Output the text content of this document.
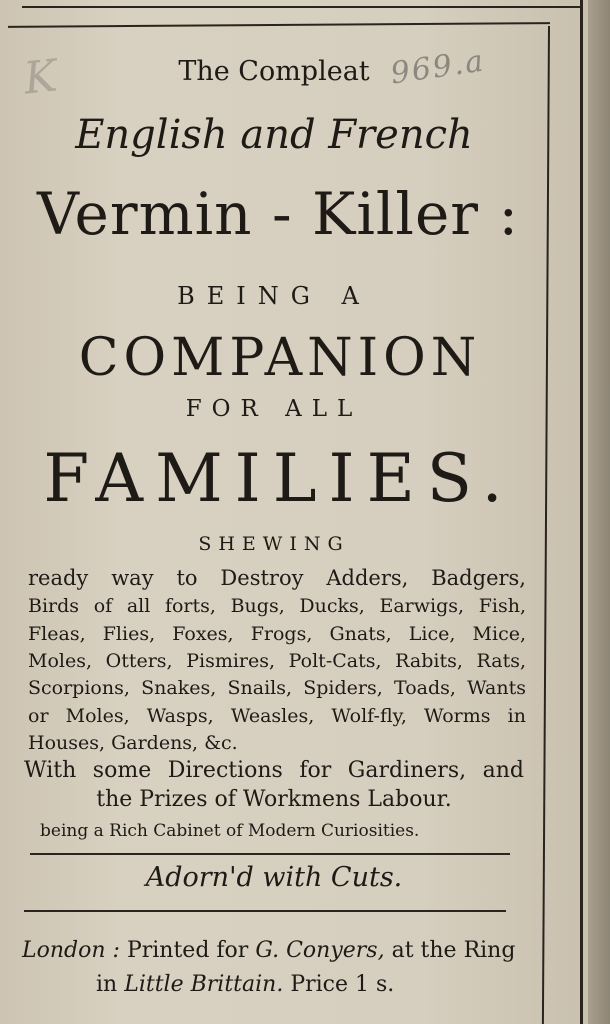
K	969.a
The Compleat
English and French
Vermin - Killer :
BEING A
COMPANION
FOR ALL
FAMILIES.
SHEWING
ready way to Destroy Adders, Badgers,
Birds of all forts, Bugs, Ducks, Earwigs, Fish,
Fleas, Flies, Foxes, Frogs, Gnats, Lice, Mice,
Moles, Otters, Pismires, Polt-Cats, Rabits, Rats,
Scorpions, Snakes, Snails, Spiders, Toads, Wants
or Moles, Wasps, Weasles, Wolf-fly, Worms in
Houses, Gardens, &c.
With some Directions for Gardiners, and
the Prizes of Workmens Labour.
being a Rich Cabinet of Modern Curiosities.
Adorn'd with Cuts.
London : Printed for G. Conyers, at the Ring
in Little Brittain. Price 1 s.
